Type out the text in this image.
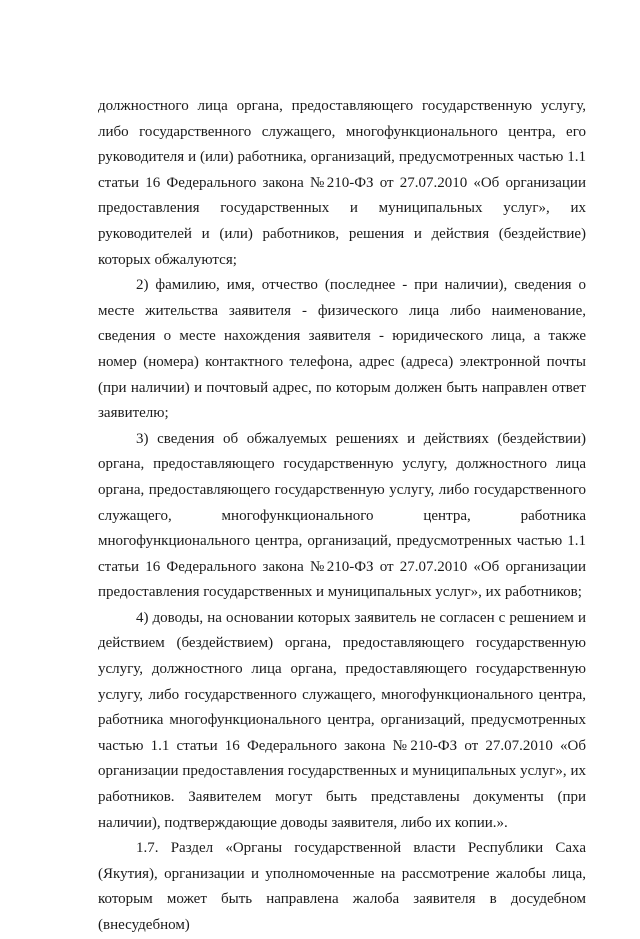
должностного лица органа, предоставляющего государственную услугу, либо государственного служащего, многофункционального центра, его руководителя и (или) работника, организаций, предусмотренных частью 1.1 статьи 16 Федерального закона №210-ФЗ от 27.07.2010 «Об организации предоставления государственных и муниципальных услуг», их руководителей и (или) работников, решения и действия (бездействие) которых обжалуются;

2) фамилию, имя, отчество (последнее - при наличии), сведения о месте жительства заявителя - физического лица либо наименование, сведения о месте нахождения заявителя - юридического лица, а также номер (номера) контактного телефона, адрес (адреса) электронной почты (при наличии) и почтовый адрес, по которым должен быть направлен ответ заявителю;

3) сведения об обжалуемых решениях и действиях (бездействии) органа, предоставляющего государственную услугу, должностного лица органа, предоставляющего государственную услугу, либо государственного служащего, многофункционального центра, работника многофункционального центра, организаций, предусмотренных частью 1.1 статьи 16 Федерального закона №210-ФЗ от 27.07.2010 «Об организации предоставления государственных и муниципальных услуг», их работников;

4) доводы, на основании которых заявитель не согласен с решением и действием (бездействием) органа, предоставляющего государственную услугу, должностного лица органа, предоставляющего государственную услугу, либо государственного служащего, многофункционального центра, работника многофункционального центра, организаций, предусмотренных частью 1.1 статьи 16 Федерального закона №210-ФЗ от 27.07.2010 «Об организации предоставления государственных и муниципальных услуг», их работников. Заявителем могут быть представлены документы (при наличии), подтверждающие доводы заявителя, либо их копии.».

1.7. Раздел «Органы государственной власти Республики Саха (Якутия), организации и уполномоченные на рассмотрение жалобы лица, которым может быть направлена жалоба заявителя в досудебном (внесудебном)
